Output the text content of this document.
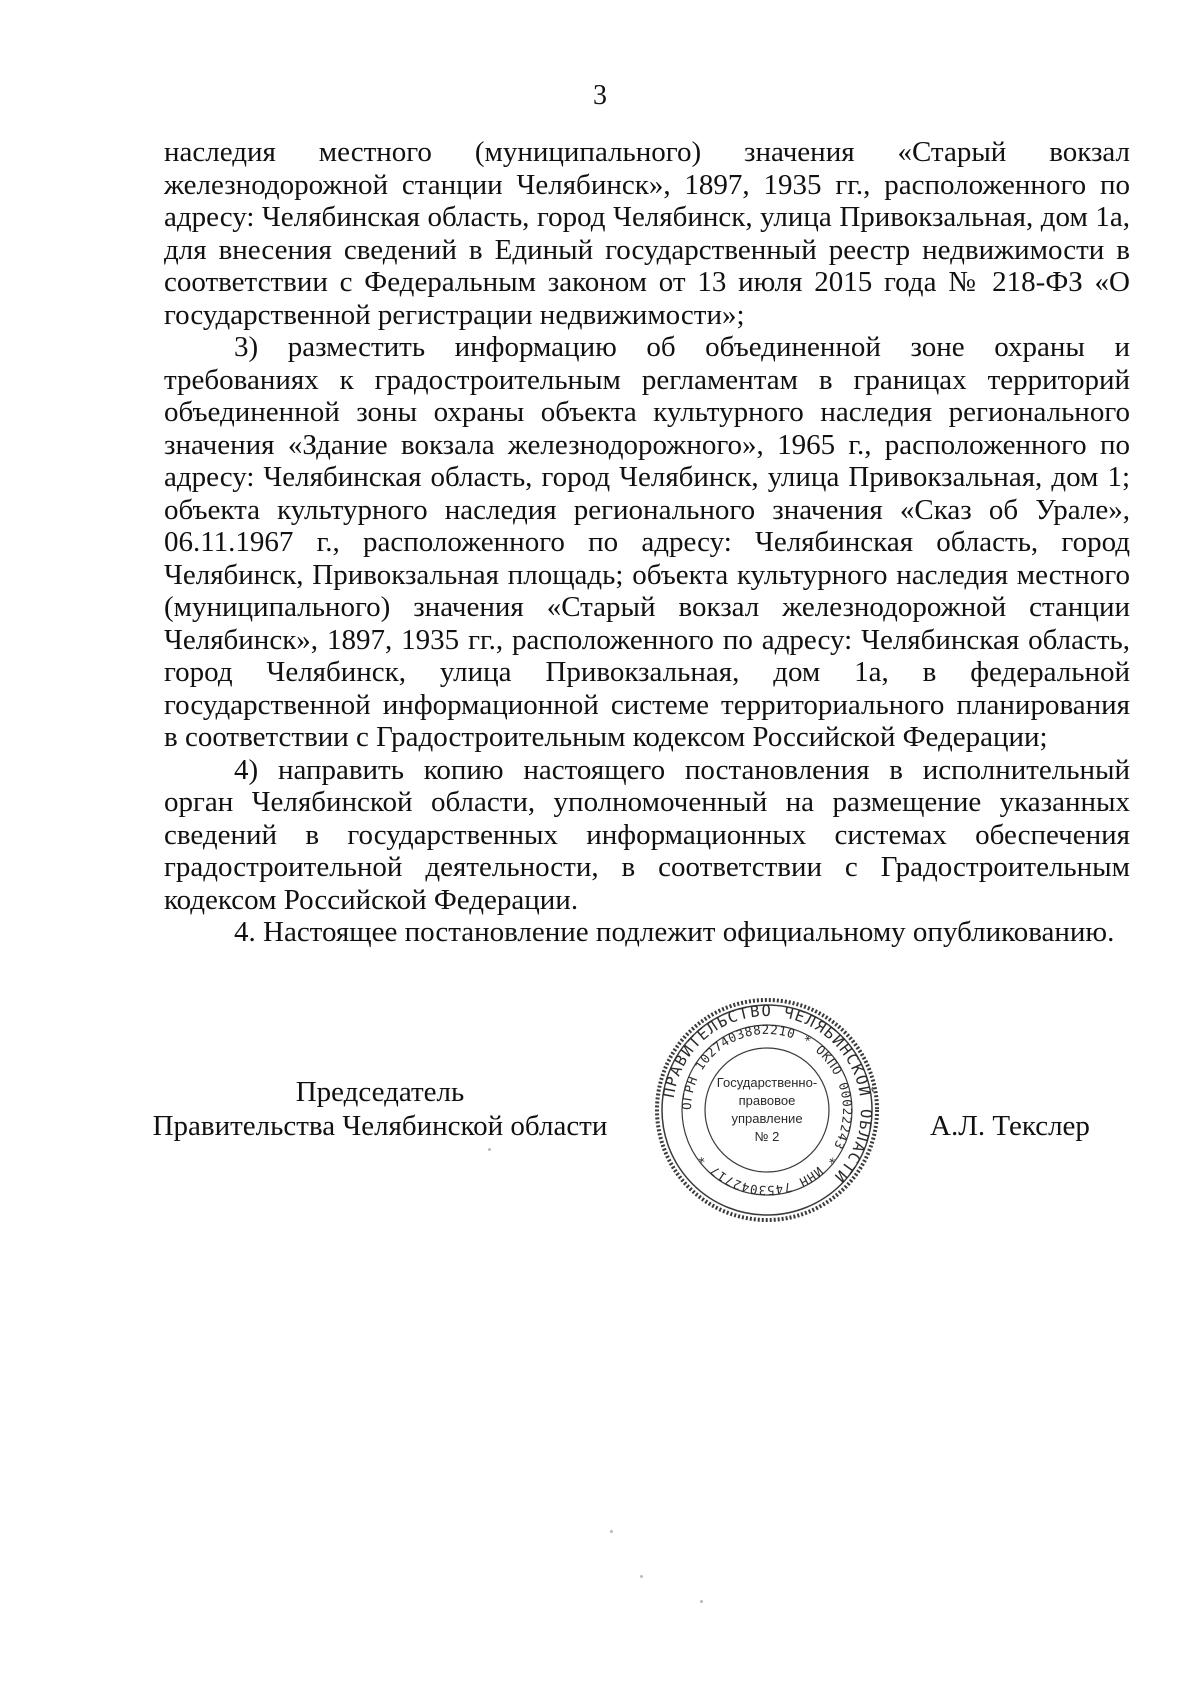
3

наследия местного (муниципального) значения «Старый вокзал железнодорожной станции Челябинск», 1897, 1935 гг., расположенного по адресу: Челябинская область, город Челябинск, улица Привокзальная, дом 1а, для внесения сведений в Единый государственный реестр недвижимости в соответствии с Федеральным законом от 13 июля 2015 года № 218-ФЗ «О государственной регистрации недвижимости»;

3) разместить информацию об объединенной зоне охраны и требованиях к градостроительным регламентам в границах территорий объединенной зоны охраны объекта культурного наследия регионального значения «Здание вокзала железнодорожного», 1965 г., расположенного по адресу: Челябинская область, город Челябинск, улица Привокзальная, дом 1; объекта культурного наследия регионального значения «Сказ об Урале», 06.11.1967 г., расположенного по адресу: Челябинская область, город Челябинск, Привокзальная площадь; объекта культурного наследия местного (муниципального) значения «Старый вокзал железнодорожной станции Челябинск», 1897, 1935 гг., расположенного по адресу: Челябинская область, город Челябинск, улица Привокзальная, дом 1а, в федеральной государственной информационной системе территориального планирования в соответствии с Градостроительным кодексом Российской Федерации;

4) направить копию настоящего постановления в исполнительный орган Челябинской области, уполномоченный на размещение указанных сведений в государственных информационных системах обеспечения градостроительной деятельности, в соответствии с Градостроительным кодексом Российской Федерации.

4. Настоящее постановление подлежит официальному опубликованию.

Председатель
Правительства Челябинской области	А.Л. Текслер
ПРАВИТЕЛЬСТВО ЧЕЛЯБИНСКОЙ ОБЛАСТИ
ОГРН 1027403882210 * ОКПО 00022243 * ИНН 7453042717 *
Государственно-
правовое
управление
№ 2
